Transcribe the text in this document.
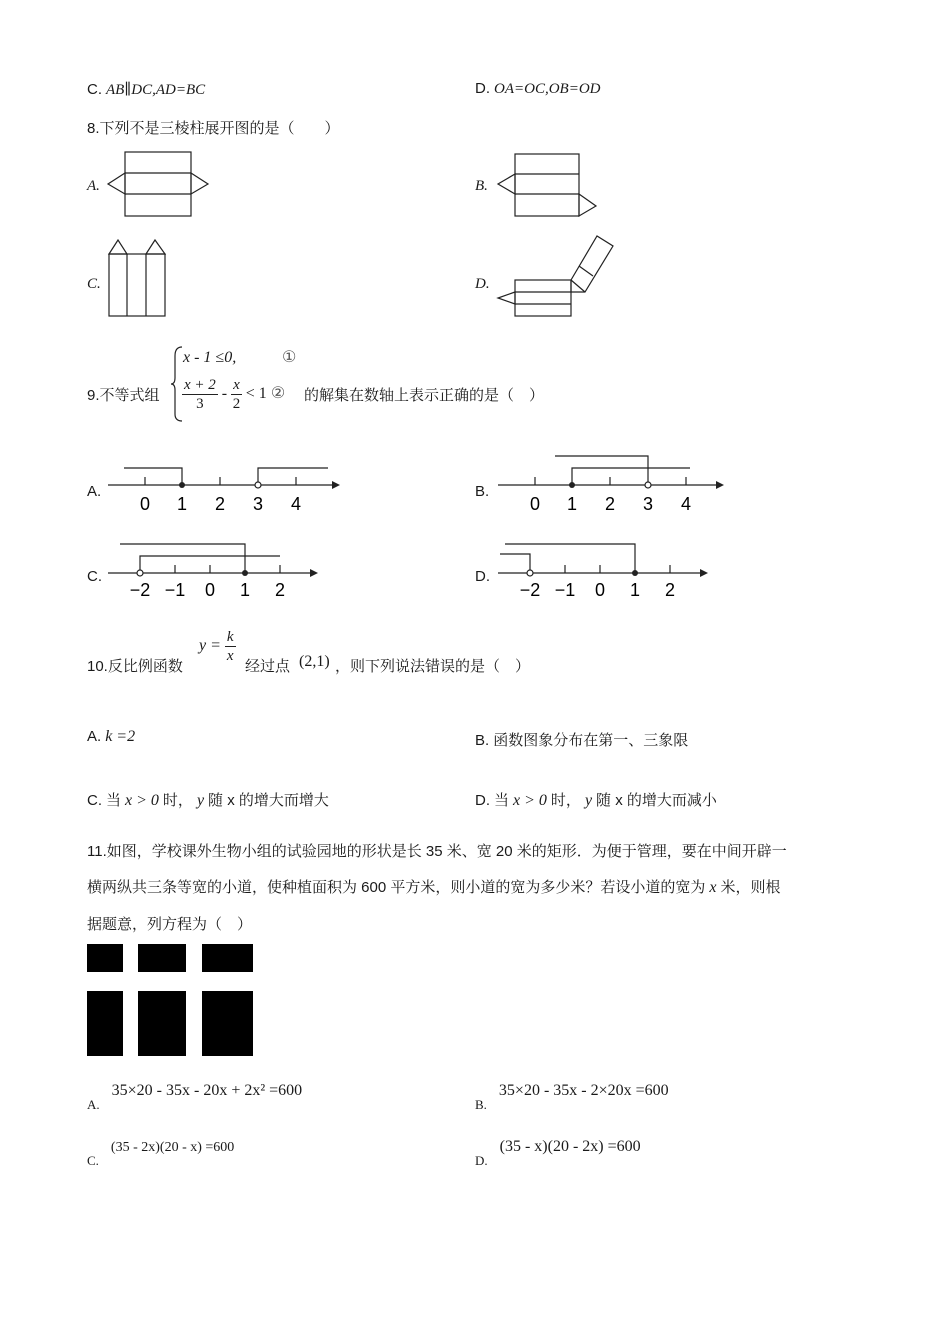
C. AB∥DC,AD=BC	D. OA=OC,OB=OD
8.下列不是三棱柱展开图的是（　　）
A.	B.
C.	D.
9.不等式组
x - 1 ≤0,	①
$\frac{x + 2}{3} - \frac{x}{2} < 1$ ② 的解集在数轴上表示正确的是（　）
A.
0 1 2 3 4
B.
0 1 2 3 4
C.
−2 −1 0 1 2
D.
−2 −1 0 1 2
10.反比例函数
$y = \frac{k}{x}$
经过点 (2,1) ，则下列说法错误的是（　）
A. k =2	B. 函数图象分布在第一、三象限
C. 当 x > 0 时， y 随 x 的增大而增大	D. 当 x > 0 时， y 随 x 的增大而减小
11.如图，学校课外生物小组的试验园地的形状是长 35 米、宽 20 米的矩形．为便于管理，要在中间开辟一
横两纵共三条等宽的小道，使种植面积为 600 平方米，则小道的宽为多少米？若设小道的宽为 x 米，则根
据题意，列方程为（　）
A. 35×20 - 35x - 20x + 2x² =600
B. 35×20 - 35x - 2×20x =600
C. (35 - 2x)(20 - x) =600
D. (35 - x)(20 - 2x) =600
